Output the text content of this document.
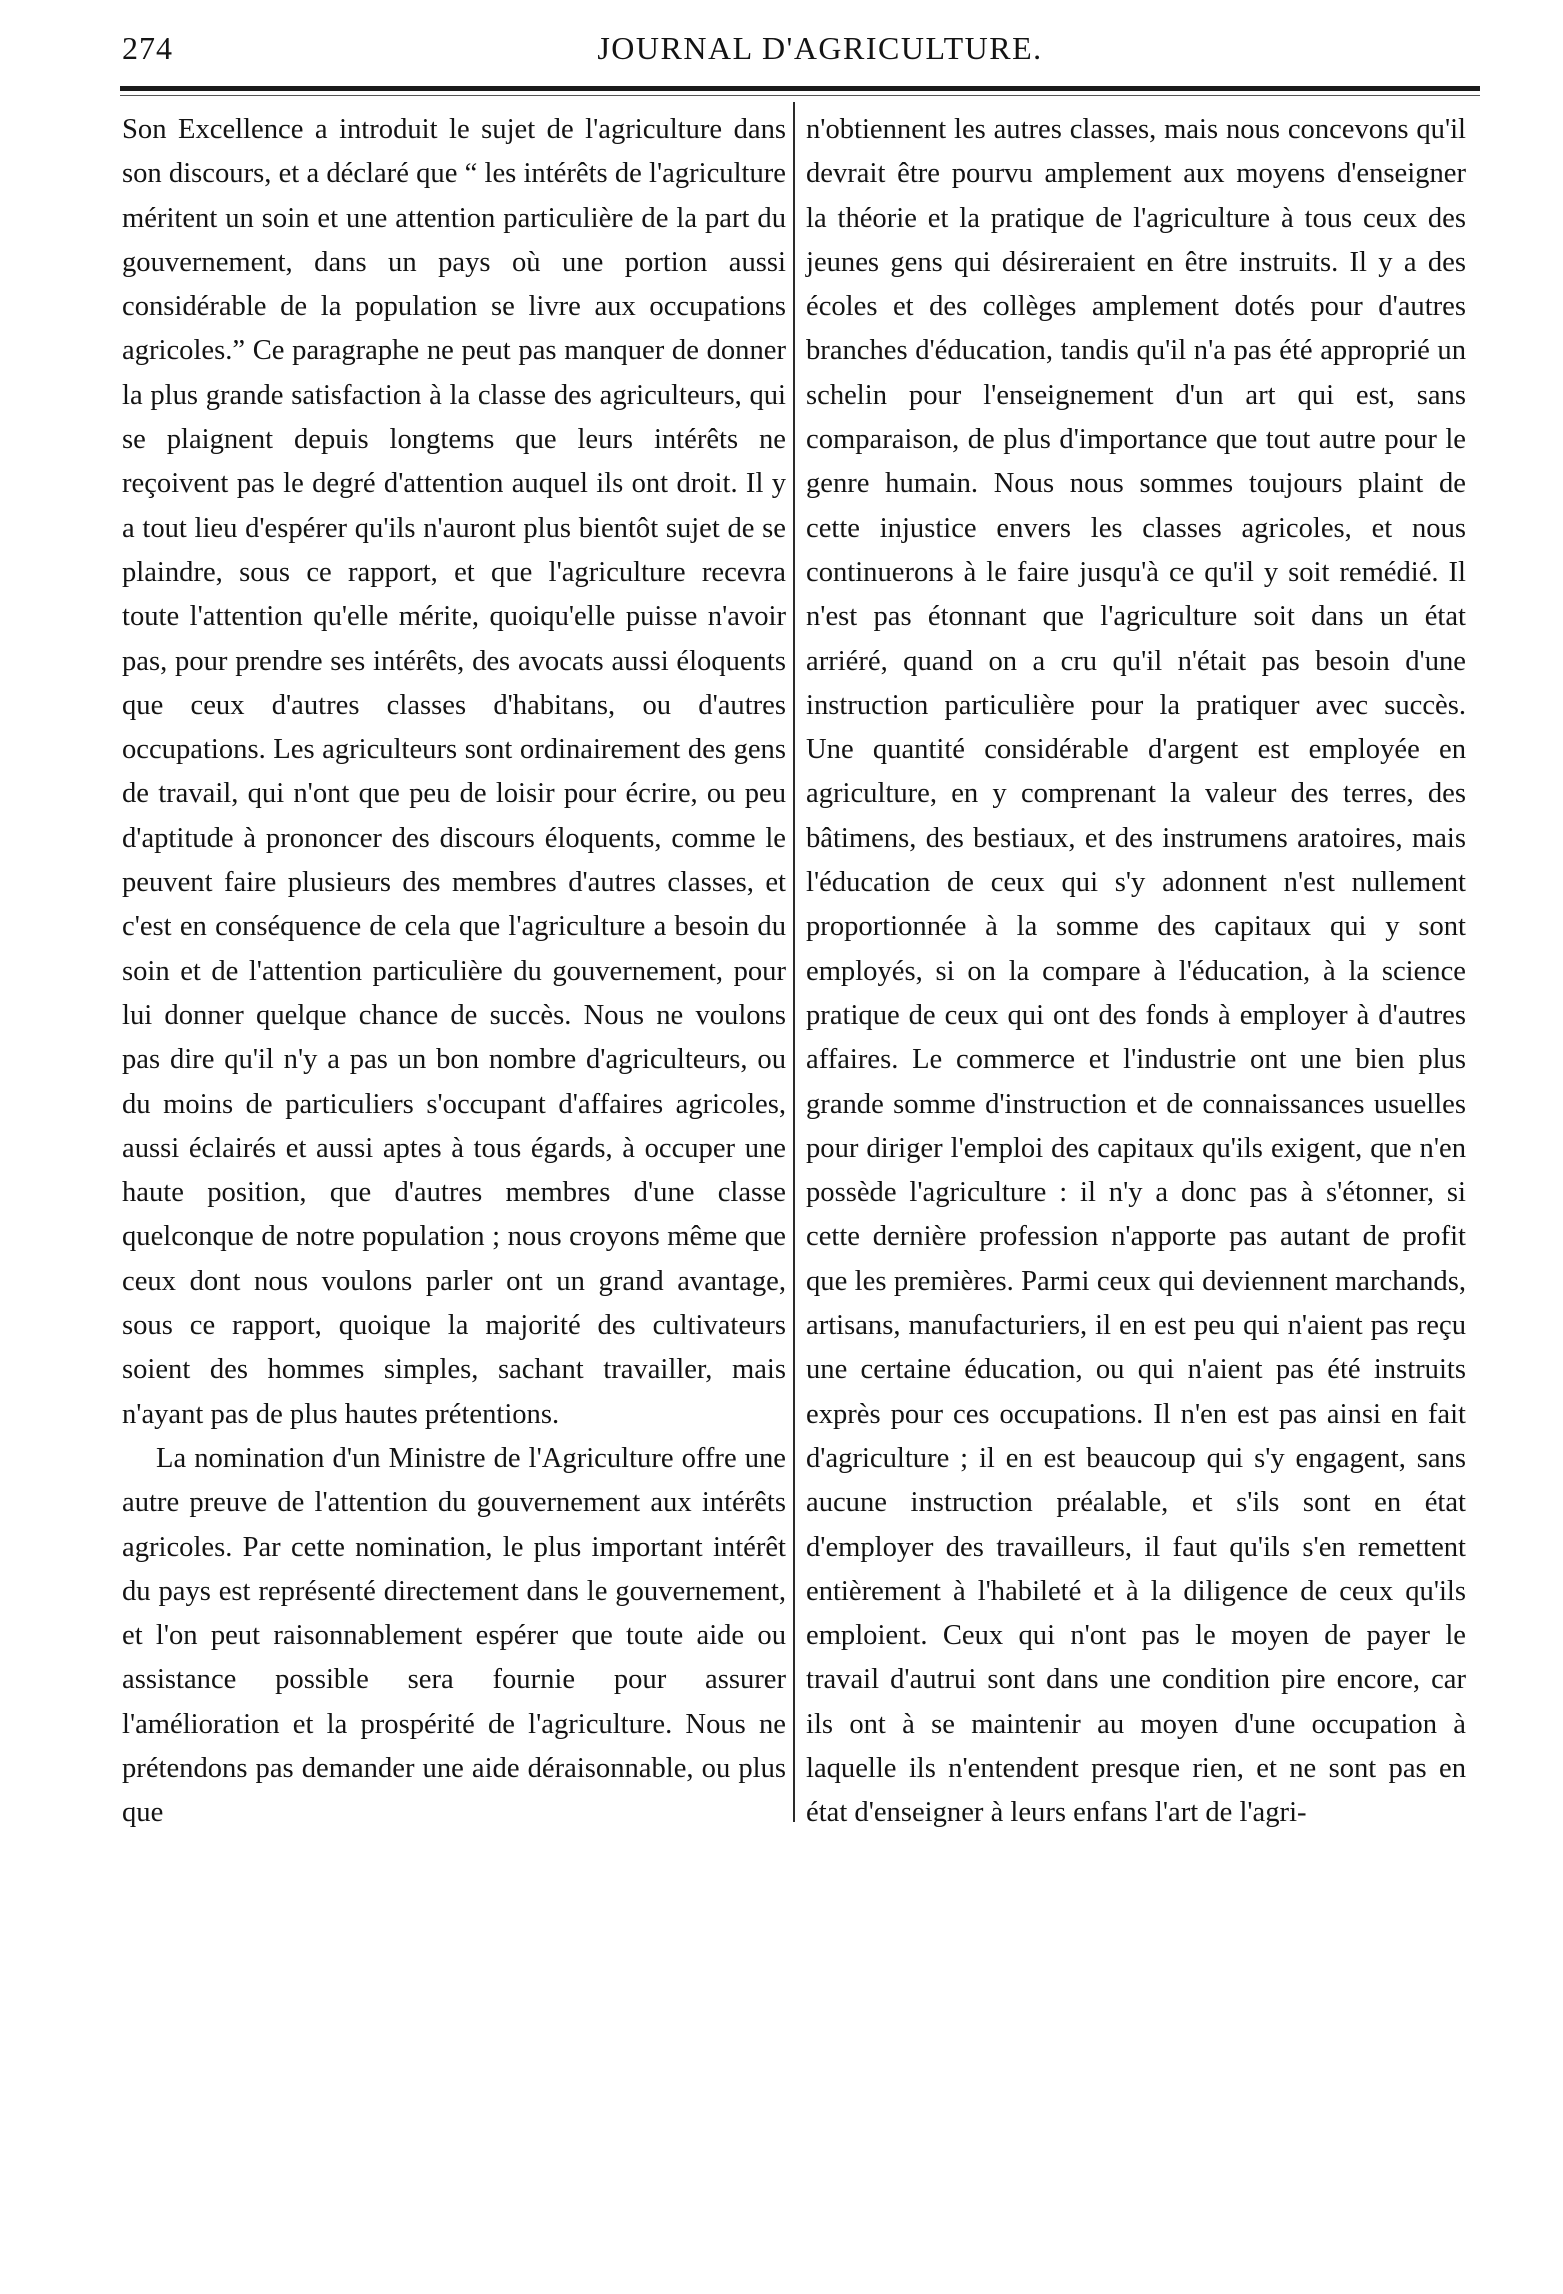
274	JOURNAL D'AGRICULTURE.

Son Excellence a introduit le sujet de l'agriculture dans son discours, et a déclaré que “ les intérêts de l'agriculture méritent un soin et une attention particulière de la part du gouvernement, dans un pays où une portion aussi considérable de la population se livre aux occupations agricoles.” Ce paragraphe ne peut pas manquer de donner la plus grande satisfaction à la classe des agriculteurs, qui se plaignent depuis longtems que leurs intérêts ne reçoivent pas le degré d'attention auquel ils ont droit. Il y a tout lieu d'espérer qu'ils n'auront plus bientôt sujet de se plaindre, sous ce rapport, et que l'agriculture recevra toute l'attention qu'elle mérite, quoiqu'elle puisse n'avoir pas, pour prendre ses intérêts, des avocats aussi éloquents que ceux d'autres classes d'habitans, ou d'autres occupations. Les agriculteurs sont ordinairement des gens de travail, qui n'ont que peu de loisir pour écrire, ou peu d'aptitude à prononcer des discours éloquents, comme le peuvent faire plusieurs des membres d'autres classes, et c'est en conséquence de cela que l'agriculture a besoin du soin et de l'attention particulière du gouvernement, pour lui donner quelque chance de succès. Nous ne voulons pas dire qu'il n'y a pas un bon nombre d'agriculteurs, ou du moins de particuliers s'occupant d'affaires agricoles, aussi éclairés et aussi aptes à tous égards, à occuper une haute position, que d'autres membres d'une classe quelconque de notre population ; nous croyons même que ceux dont nous voulons parler ont un grand avantage, sous ce rapport, quoique la majorité des cultivateurs soient des hommes simples, sachant travailler, mais n'ayant pas de plus hautes prétentions.

La nomination d'un Ministre de l'Agriculture offre une autre preuve de l'attention du gouvernement aux intérêts agricoles. Par cette nomination, le plus important intérêt du pays est représenté directement dans le gouvernement, et l'on peut raisonnablement espérer que toute aide ou assistance possible sera fournie pour assurer l'amélioration et la prospérité de l'agriculture. Nous ne prétendons pas demander une aide déraisonnable, ou plus que

n'obtiennent les autres classes, mais nous concevons qu'il devrait être pourvu amplement aux moyens d'enseigner la théorie et la pratique de l'agriculture à tous ceux des jeunes gens qui désireraient en être instruits. Il y a des écoles et des collèges amplement dotés pour d'autres branches d'éducation, tandis qu'il n'a pas été approprié un schelin pour l'enseignement d'un art qui est, sans comparaison, de plus d'importance que tout autre pour le genre humain. Nous nous sommes toujours plaint de cette injustice envers les classes agricoles, et nous continuerons à le faire jusqu'à ce qu'il y soit remédié. Il n'est pas étonnant que l'agriculture soit dans un état arriéré, quand on a cru qu'il n'était pas besoin d'une instruction particulière pour la pratiquer avec succès. Une quantité considérable d'argent est employée en agriculture, en y comprenant la valeur des terres, des bâtimens, des bestiaux, et des instrumens aratoires, mais l'éducation de ceux qui s'y adonnent n'est nullement proportionnée à la somme des capitaux qui y sont employés, si on la compare à l'éducation, à la science pratique de ceux qui ont des fonds à employer à d'autres affaires. Le commerce et l'industrie ont une bien plus grande somme d'instruction et de connaissances usuelles pour diriger l'emploi des capitaux qu'ils exigent, que n'en possède l'agriculture : il n'y a donc pas à s'étonner, si cette dernière profession n'apporte pas autant de profit que les premières. Parmi ceux qui deviennent marchands, artisans, manufacturiers, il en est peu qui n'aient pas reçu une certaine éducation, ou qui n'aient pas été instruits exprès pour ces occupations. Il n'en est pas ainsi en fait d'agriculture ; il en est beaucoup qui s'y engagent, sans aucune instruction préalable, et s'ils sont en état d'employer des travailleurs, il faut qu'ils s'en remettent entièrement à l'habileté et à la diligence de ceux qu'ils emploient. Ceux qui n'ont pas le moyen de payer le travail d'autrui sont dans une condition pire encore, car ils ont à se maintenir au moyen d'une occupation à laquelle ils n'entendent presque rien, et ne sont pas en état d'enseigner à leurs enfans l'art de l'agri-
